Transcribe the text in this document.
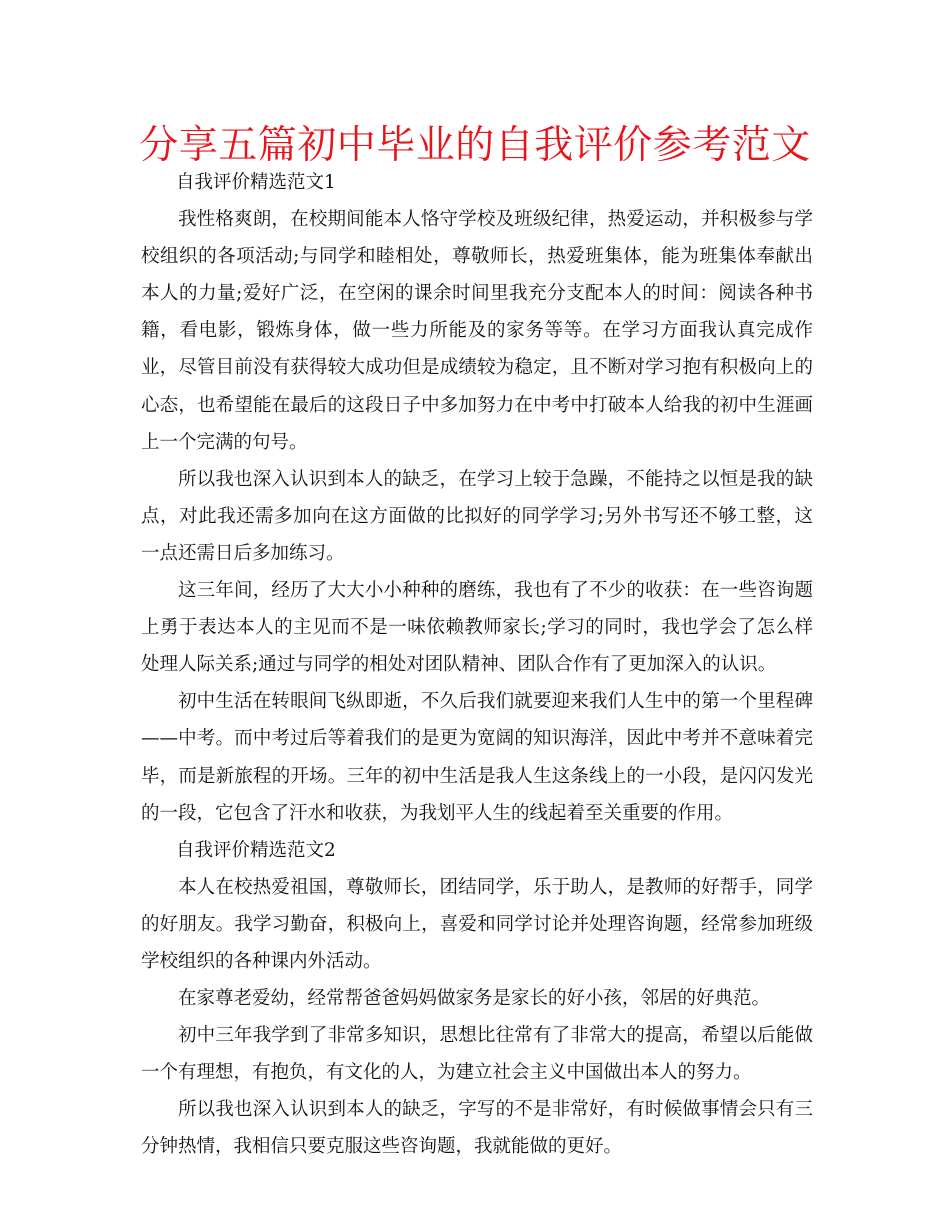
分享五篇初中毕业的自我评价参考范文

自我评价精选范文1

我性格爽朗，在校期间能本人恪守学校及班级纪律，热爱运动，并积极参与学校组织的各项活动;与同学和睦相处，尊敬师长，热爱班集体，能为班集体奉献出本人的力量;爱好广泛，在空闲的课余时间里我充分支配本人的时间：阅读各种书籍，看电影，锻炼身体，做一些力所能及的家务等等。在学习方面我认真完成作业，尽管目前没有获得较大成功但是成绩较为稳定，且不断对学习抱有积极向上的心态，也希望能在最后的这段日子中多加努力在中考中打破本人给我的初中生涯画上一个完满的句号。

所以我也深入认识到本人的缺乏，在学习上较于急躁，不能持之以恒是我的缺点，对此我还需多加向在这方面做的比拟好的同学学习;另外书写还不够工整，这一点还需日后多加练习。

这三年间，经历了大大小小种种的磨练，我也有了不少的收获：在一些咨询题上勇于表达本人的主见而不是一味依赖教师家长;学习的同时，我也学会了怎么样处理人际关系;通过与同学的相处对团队精神、团队合作有了更加深入的认识。

初中生活在转眼间飞纵即逝，不久后我们就要迎来我们人生中的第一个里程碑——中考。而中考过后等着我们的是更为宽阔的知识海洋，因此中考并不意味着完毕，而是新旅程的开场。三年的初中生活是我人生这条线上的一小段，是闪闪发光的一段，它包含了汗水和收获，为我划平人生的线起着至关重要的作用。

自我评价精选范文2

本人在校热爱祖国，尊敬师长，团结同学，乐于助人，是教师的好帮手，同学的好朋友。我学习勤奋，积极向上，喜爱和同学讨论并处理咨询题，经常参加班级学校组织的各种课内外活动。

在家尊老爱幼，经常帮爸爸妈妈做家务是家长的好小孩，邻居的好典范。

初中三年我学到了非常多知识，思想比往常有了非常大的提高，希望以后能做一个有理想，有抱负，有文化的人，为建立社会主义中国做出本人的努力。

所以我也深入认识到本人的缺乏，字写的不是非常好，有时候做事情会只有三分钟热情，我相信只要克服这些咨询题，我就能做的更好。
